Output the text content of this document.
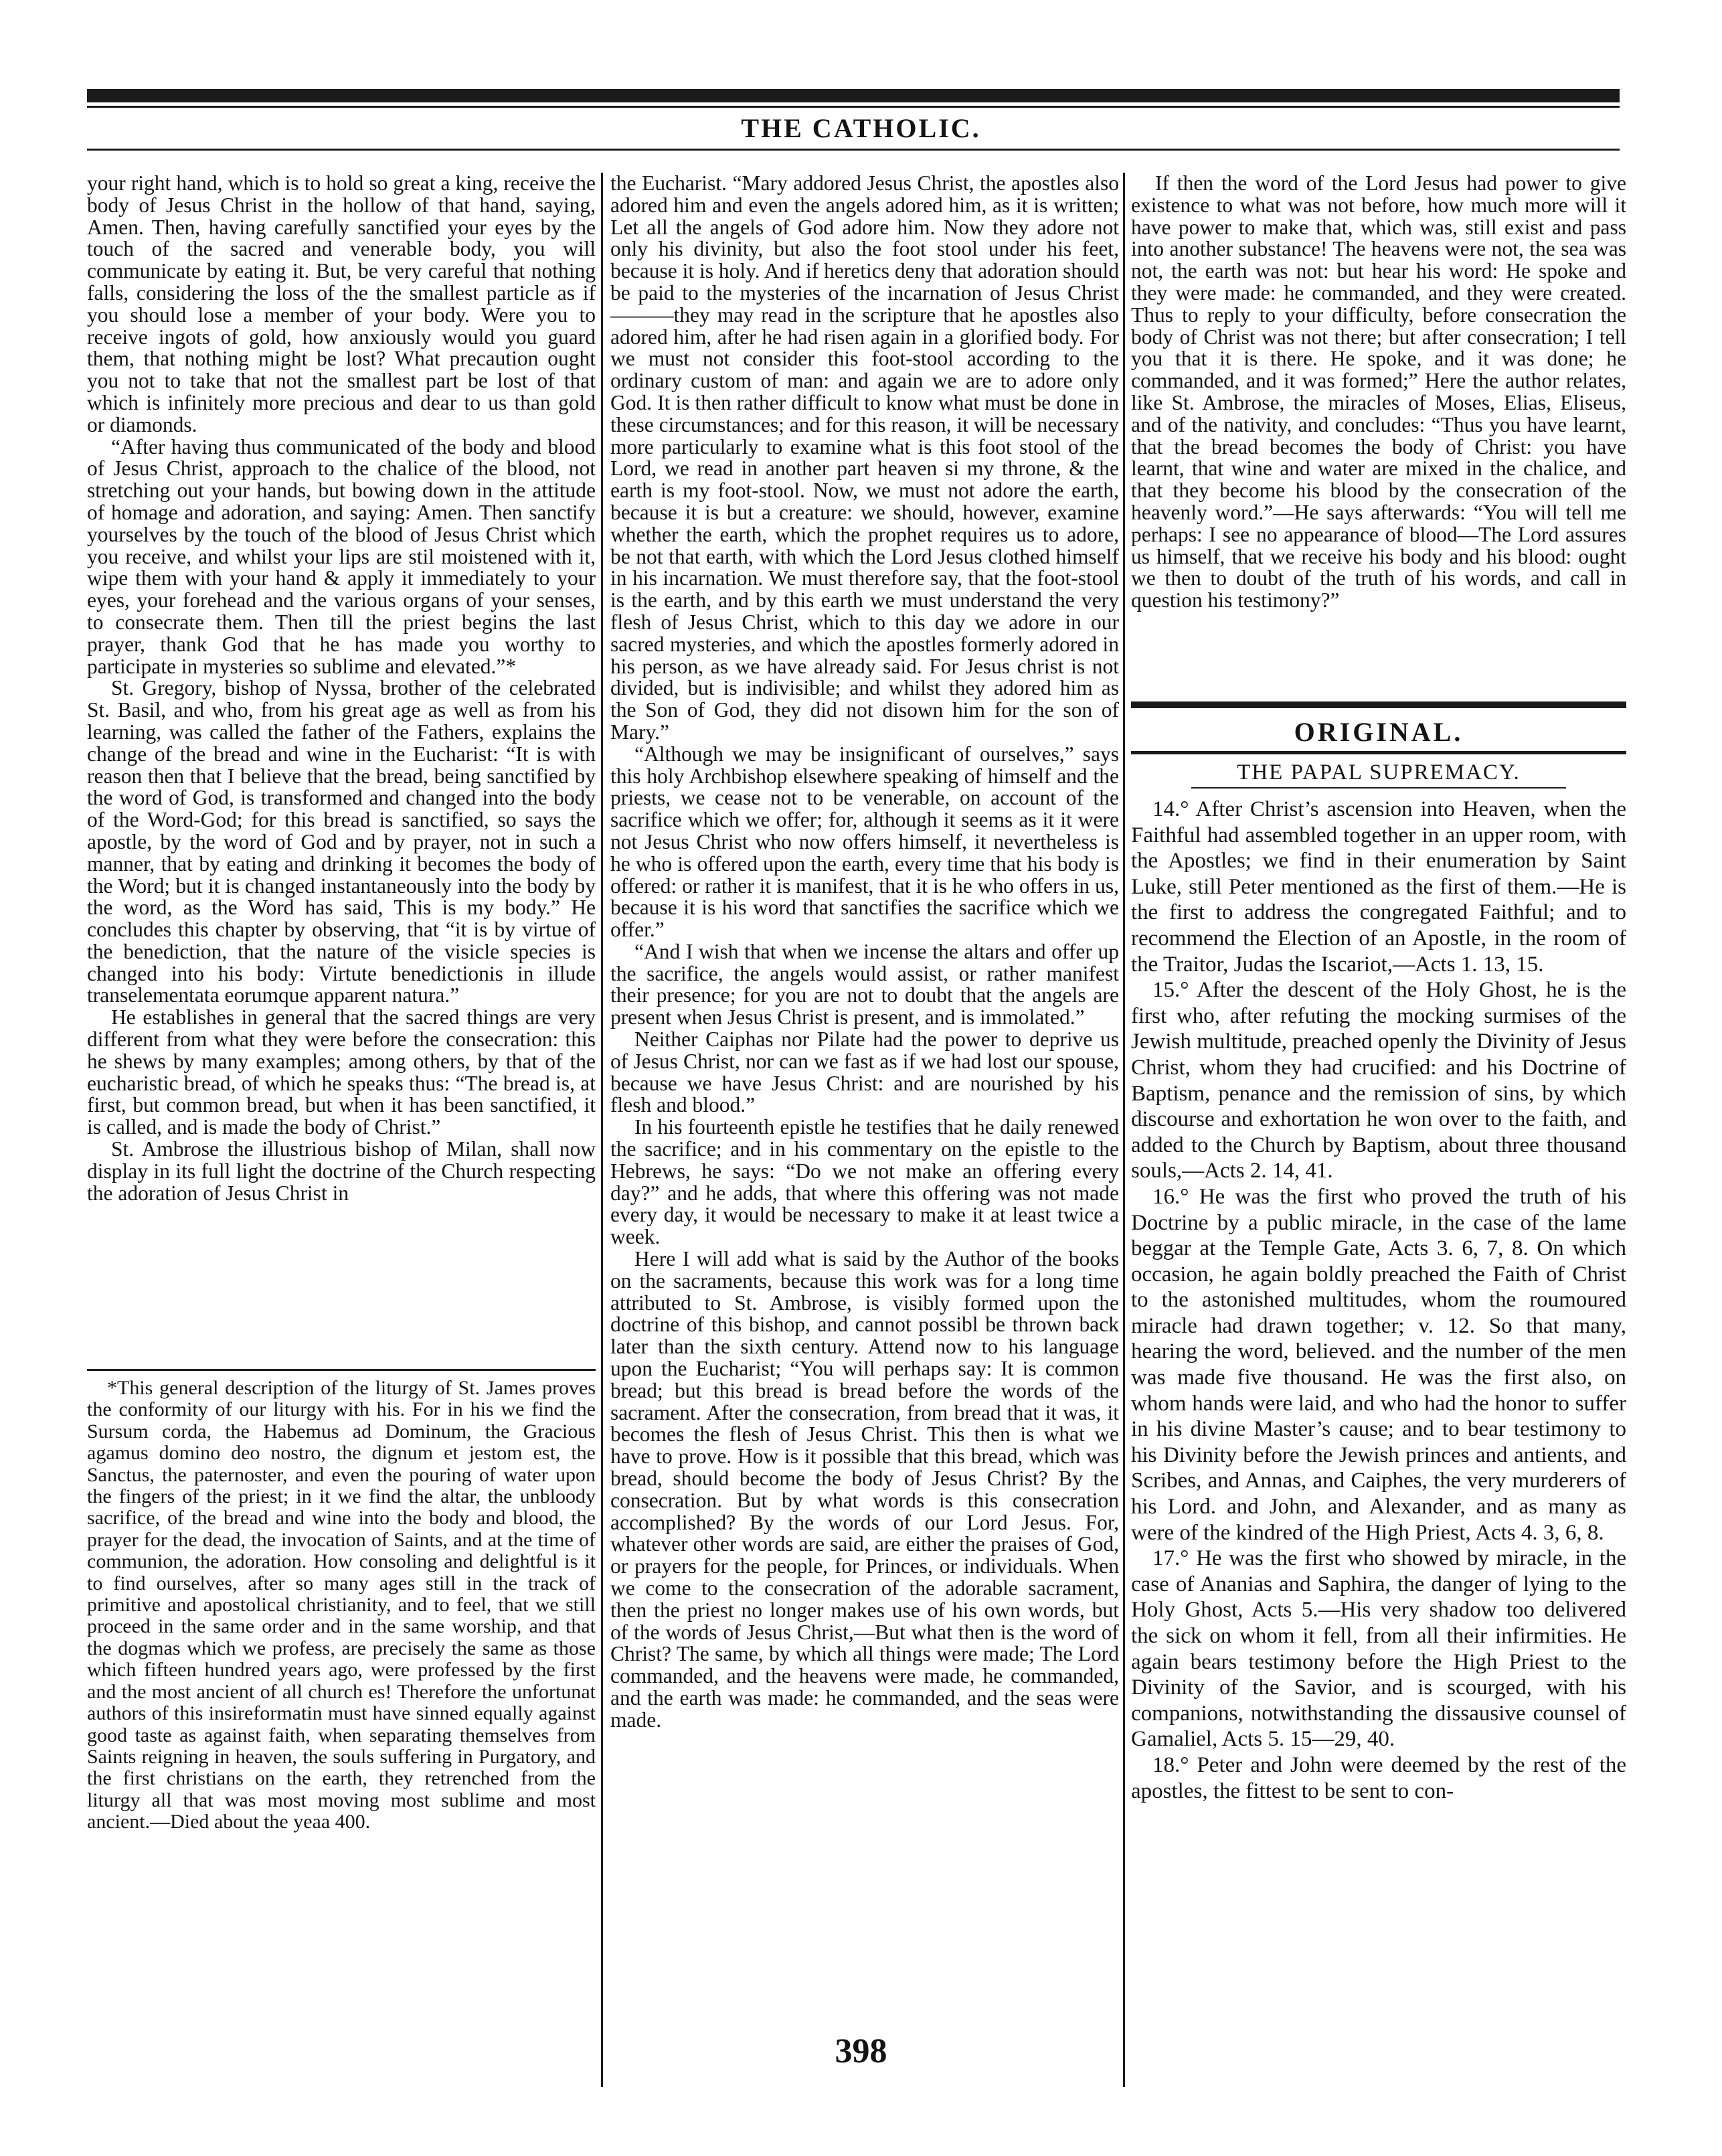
THE CATHOLIC.

your right hand, which is to hold so great a king, receive the body of Jesus Christ in the hollow of that hand, saying, Amen. Then, having carefully sanctified your eyes by the touch of the sacred and venerable body, you will communicate by eating it. But, be very careful that nothing falls, considering the loss of the the smallest particle as if you should lose a member of your body. Were you to receive ingots of gold, how anxiously would you guard them, that nothing might be lost? What precaution ought you not to take that not the smallest part be lost of that which is infinitely more precious and dear to us than gold or diamonds.

“After having thus communicated of the body and blood of Jesus Christ, approach to the chalice of the blood, not stretching out your hands, but bowing down in the attitude of homage and adoration, and saying: Amen. Then sanctify yourselves by the touch of the blood of Jesus Christ which you receive, and whilst your lips are stil moistened with it, wipe them with your hand & apply it immediately to your eyes, your forehead and the various organs of your senses, to consecrate them. Then till the priest begins the last prayer, thank God that he has made you worthy to participate in mysteries so sublime and elevated.”*

St. Gregory, bishop of Nyssa, brother of the celebrated St. Basil, and who, from his great age as well as from his learning, was called the father of the Fathers, explains the change of the bread and wine in the Eucharist: “It is with reason then that I believe that the bread, being sanctified by the word of God, is transformed and changed into the body of the Word-God; for this bread is sanctified, so says the apostle, by the word of God and by prayer, not in such a manner, that by eating and drinking it becomes the body of the Word; but it is changed instantaneously into the body by the word, as the Word has said, This is my body.” He concludes this chapter by observing, that “it is by virtue of the benediction, that the nature of the visicle species is changed into his body: Virtute benedictionis in illude transelementata eorumque apparent natura.”

He establishes in general that the sacred things are very different from what they were before the consecration: this he shews by many examples; among others, by that of the eucharistic bread, of which he speaks thus: “The bread is, at first, but common bread, but when it has been sanctified, it is called, and is made the body of Christ.”

St. Ambrose the illustrious bishop of Milan, shall now display in its full light the doctrine of the Church respecting the adoration of Jesus Christ in

*This general description of the liturgy of St. James proves the conformity of our liturgy with his. For in his we find the Sursum corda, the Habemus ad Dominum, the Gracious agamus domino deo nostro, the dignum et jestom est, the Sanctus, the paternoster, and even the pouring of water upon the fingers of the priest; in it we find the altar, the unbloody sacrifice, of the bread and wine into the body and blood, the prayer for the dead, the invocation of Saints, and at the time of communion, the adoration. How consoling and delightful is it to find ourselves, after so many ages still in the track of primitive and apostolical christianity, and to feel, that we still proceed in the same order and in the same worship, and that the dogmas which we profess, are precisely the same as those which fifteen hundred years ago, were professed by the first and the most ancient of all church es! Therefore the unfortunat authors of this insireformatin must have sinned equally against good taste as against faith, when separating themselves from Saints reigning in heaven, the souls suffering in Purgatory, and the first christians on the earth, they retrenched from the liturgy all that was most moving most sublime and most ancient.—Died about the yeaa 400.

the Eucharist. “Mary addored Jesus Christ, the apostles also adored him and even the angels adored him, as it is written; Let all the angels of God adore him. Now they adore not only his divinity, but also the foot stool under his feet, because it is holy. And if heretics deny that adoration should be paid to the mysteries of the incarnation of Jesus Christ———they may read in the scripture that he apostles also adored him, after he had risen again in a glorified body. For we must not consider this foot-stool according to the ordinary custom of man: and again we are to adore only God. It is then rather difficult to know what must be done in these circumstances; and for this reason, it will be necessary more particularly to examine what is this foot stool of the Lord, we read in another part heaven si my throne, & the earth is my foot-stool. Now, we must not adore the earth, because it is but a creature: we should, however, examine whether the earth, which the prophet requires us to adore, be not that earth, with which the Lord Jesus clothed himself in his incarnation. We must therefore say, that the foot-stool is the earth, and by this earth we must understand the very flesh of Jesus Christ, which to this day we adore in our sacred mysteries, and which the apostles formerly adored in his person, as we have already said. For Jesus christ is not divided, but is indivisible; and whilst they adored him as the Son of God, they did not disown him for the son of Mary.”

“Although we may be insignificant of ourselves,” says this holy Archbishop elsewhere speaking of himself and the priests, we cease not to be venerable, on account of the sacrifice which we offer; for, although it seems as it it were not Jesus Christ who now offers himself, it nevertheless is he who is offered upon the earth, every time that his body is offered: or rather it is manifest, that it is he who offers in us, because it is his word that sanctifies the sacrifice which we offer.”

“And I wish that when we incense the altars and offer up the sacrifice, the angels would assist, or rather manifest their presence; for you are not to doubt that the angels are present when Jesus Christ is present, and is immolated.”

Neither Caiphas nor Pilate had the power to deprive us of Jesus Christ, nor can we fast as if we had lost our spouse, because we have Jesus Christ: and are nourished by his flesh and blood.”

In his fourteenth epistle he testifies that he daily renewed the sacrifice; and in his commentary on the epistle to the Hebrews, he says: “Do we not make an offering every day?” and he adds, that where this offering was not made every day, it would be necessary to make it at least twice a week.

Here I will add what is said by the Author of the books on the sacraments, because this work was for a long time attributed to St. Ambrose, is visibly formed upon the doctrine of this bishop, and cannot possibl be thrown back later than the sixth century. Attend now to his language upon the Eucharist; “You will perhaps say: It is common bread; but this bread is bread before the words of the sacrament. After the consecration, from bread that it was, it becomes the flesh of Jesus Christ. This then is what we have to prove. How is it possible that this bread, which was bread, should become the body of Jesus Christ? By the consecration. But by what words is this consecration accomplished? By the words of our Lord Jesus. For, whatever other words are said, are either the praises of God, or prayers for the people, for Princes, or individuals. When we come to the consecration of the adorable sacrament, then the priest no longer makes use of his own words, but of the words of Jesus Christ,—But what then is the word of Christ? The same, by which all things were made; The Lord commanded, and the heavens were made, he commanded, and the earth was made: he commanded, and the seas were made.

If then the word of the Lord Jesus had power to give existence to what was not before, how much more will it have power to make that, which was, still exist and pass into another substance! The heavens were not, the sea was not, the earth was not: but hear his word: He spoke and they were made: he commanded, and they were created. Thus to reply to your difficulty, before consecration the body of Christ was not there; but after consecration; I tell you that it is there. He spoke, and it was done; he commanded, and it was formed;” Here the author relates, like St. Ambrose, the miracles of Moses, Elias, Eliseus, and of the nativity, and concludes: “Thus you have learnt, that the bread becomes the body of Christ: you have learnt, that wine and water are mixed in the chalice, and that they become his blood by the consecration of the heavenly word.”—He says afterwards: “You will tell me perhaps: I see no appearance of blood—The Lord assures us himself, that we receive his body and his blood: ought we then to doubt of the truth of his words, and call in question his testimony?”

ORIGINAL.
THE PAPAL SUPREMACY.

14.° After Christ’s ascension into Heaven, when the Faithful had assembled together in an upper room, with the Apostles; we find in their enumeration by Saint Luke, still Peter mentioned as the first of them.—He is the first to address the congregated Faithful; and to recommend the Election of an Apostle, in the room of the Traitor, Judas the Iscariot,—Acts 1. 13, 15.

15.° After the descent of the Holy Ghost, he is the first who, after refuting the mocking surmises of the Jewish multitude, preached openly the Divinity of Jesus Christ, whom they had crucified: and his Doctrine of Baptism, penance and the remission of sins, by which discourse and exhortation he won over to the faith, and added to the Church by Baptism, about three thousand souls,—Acts 2. 14, 41.

16.° He was the first who proved the truth of his Doctrine by a public miracle, in the case of the lame beggar at the Temple Gate, Acts 3. 6, 7, 8. On which occasion, he again boldly preached the Faith of Christ to the astonished multitudes, whom the roumoured miracle had drawn together; v. 12. So that many, hearing the word, believed. and the number of the men was made five thousand. He was the first also, on whom hands were laid, and who had the honor to suffer in his divine Master’s cause; and to bear testimony to his Divinity before the Jewish princes and antients, and Scribes, and Annas, and Caiphes, the very murderers of his Lord. and John, and Alexander, and as many as were of the kindred of the High Priest, Acts 4. 3, 6, 8.

17.° He was the first who showed by miracle, in the case of Ananias and Saphira, the danger of lying to the Holy Ghost, Acts 5.—His very shadow too delivered the sick on whom it fell, from all their infirmities. He again bears testimony before the High Priest to the Divinity of the Savior, and is scourged, with his companions, notwithstanding the dissausive counsel of Gamaliel, Acts 5. 15—29, 40.

18.° Peter and John were deemed by the rest of the apostles, the fittest to be sent to con-

398
